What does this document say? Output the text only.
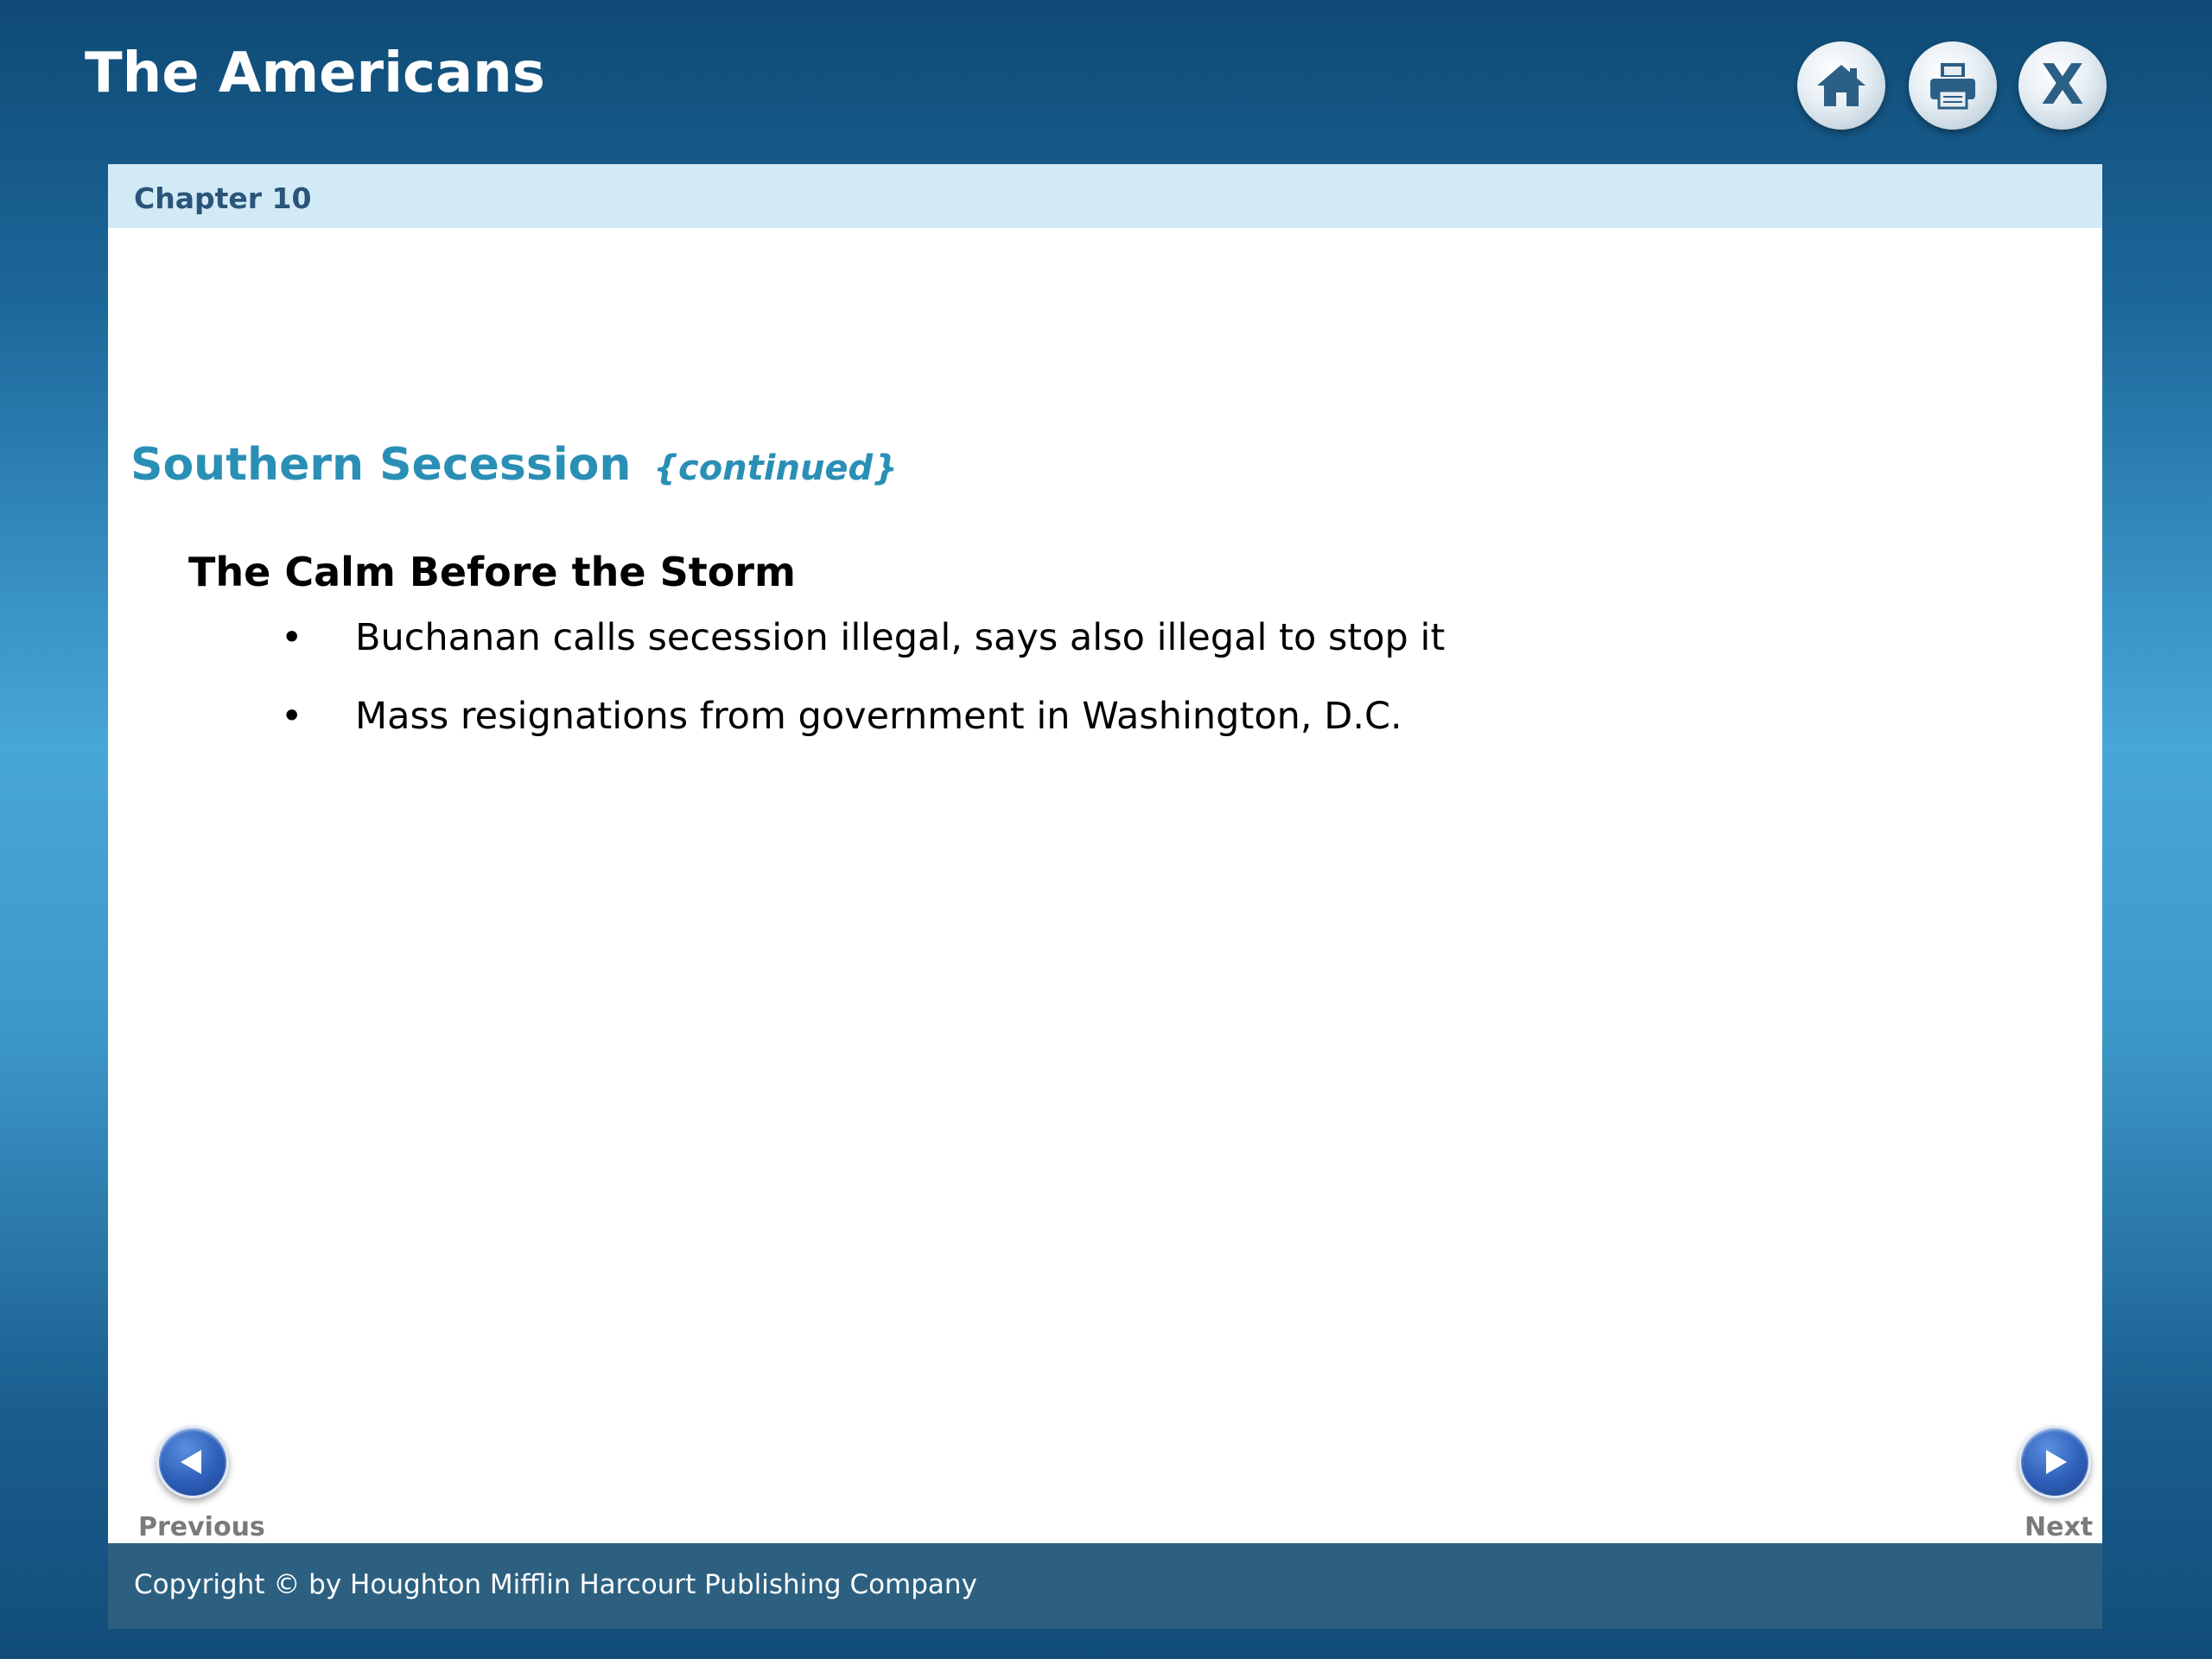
The Americans	X
Chapter 10
Southern Secession {continued}
The Calm Before the Storm
• Buchanan calls secession illegal, says also illegal to stop it
• Mass resignations from government in Washington, D.C.
Previous	Next
Copyright © by Houghton Mifflin Harcourt Publishing Company
